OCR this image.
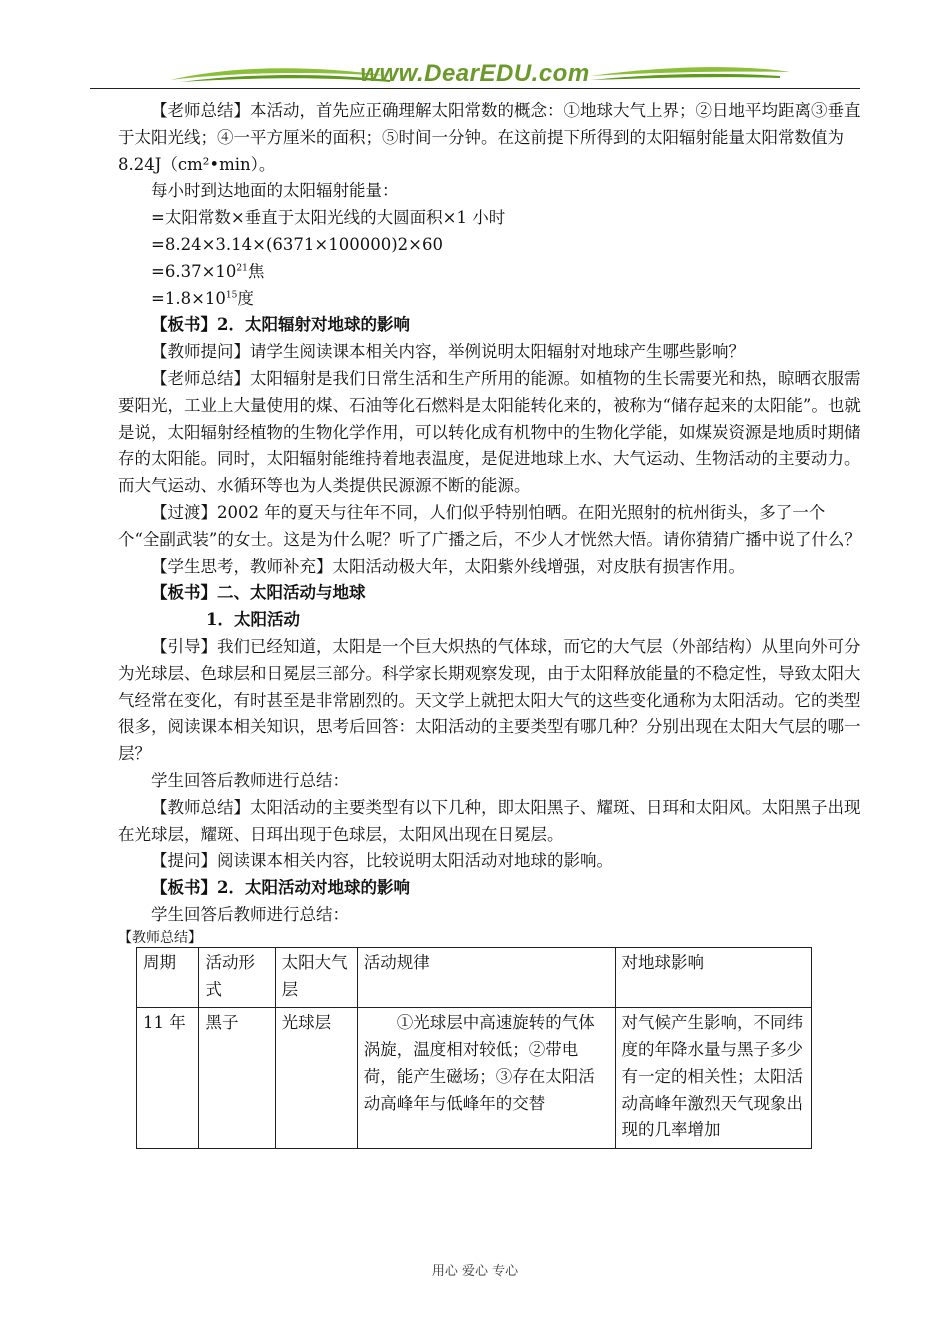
www.DearEDU.com

【老师总结】本活动，首先应正确理解太阳常数的概念：①地球大气上界；②日地平均距离③垂直于太阳光线；④一平方厘米的面积；⑤时间一分钟。在这前提下所得到的太阳辐射能量太阳常数值为8.24J（cm²•min）。

每小时到达地面的太阳辐射能量：

=太阳常数×垂直于太阳光线的大圆面积×1 小时

=8.24×3.14×(6371×100000)2×60

$=6.37\times 10^{21}$焦

$=1.8\times 10^{15}$度

【板书】2．太阳辐射对地球的影响

【教师提问】请学生阅读课本相关内容，举例说明太阳辐射对地球产生哪些影响？

【老师总结】太阳辐射是我们日常生活和生产所用的能源。如植物的生长需要光和热，晾晒衣服需要阳光，工业上大量使用的煤、石油等化石燃料是太阳能转化来的，被称为“储存起来的太阳能”。也就是说，太阳辐射经植物的生物化学作用，可以转化成有机物中的生物化学能，如煤炭资源是地质时期储存的太阳能。同时，太阳辐射能维持着地表温度，是促进地球上水、大气运动、生物活动的主要动力。而大气运动、水循环等也为人类提供民源源不断的能源。

【过渡】2002 年的夏天与往年不同，人们似乎特别怕晒。在阳光照射的杭州街头，多了一个个“全副武装”的女士。这是为什么呢？听了广播之后，不少人才恍然大悟。请你猜猜广播中说了什么？

【学生思考，教师补充】太阳活动极大年，太阳紫外线增强，对皮肤有损害作用。

【板书】二、太阳活动与地球

1．太阳活动

【引导】我们已经知道，太阳是一个巨大炽热的气体球，而它的大气层（外部结构）从里向外可分为光球层、色球层和日冕层三部分。科学家长期观察发现，由于太阳释放能量的不稳定性，导致太阳大气经常在变化，有时甚至是非常剧烈的。天文学上就把太阳大气的这些变化通称为太阳活动。它的类型很多，阅读课本相关知识，思考后回答：太阳活动的主要类型有哪几种？分别出现在太阳大气层的哪一层？

学生回答后教师进行总结：

【教师总结】太阳活动的主要类型有以下几种，即太阳黑子、耀斑、日珥和太阳风。太阳黑子出现在光球层，耀斑、日珥出现于色球层，太阳风出现在日冕层。

【提问】阅读课本相关内容，比较说明太阳活动对地球的影响。

【板书】2．太阳活动对地球的影响

学生回答后教师进行总结：

【教师总结】

周期	活动形式	太阳大气层	活动规律	对地球影响
11 年	黑子	光球层	①光球层中高速旋转的气体涡旋，温度相对较低；②带电荷，能产生磁场；③存在太阳活动高峰年与低峰年的交替	对气候产生影响，不同纬度的年降水量与黑子多少有一定的相关性；太阳活动高峰年激烈天气现象出现的几率增加
用心 爱心 专心
